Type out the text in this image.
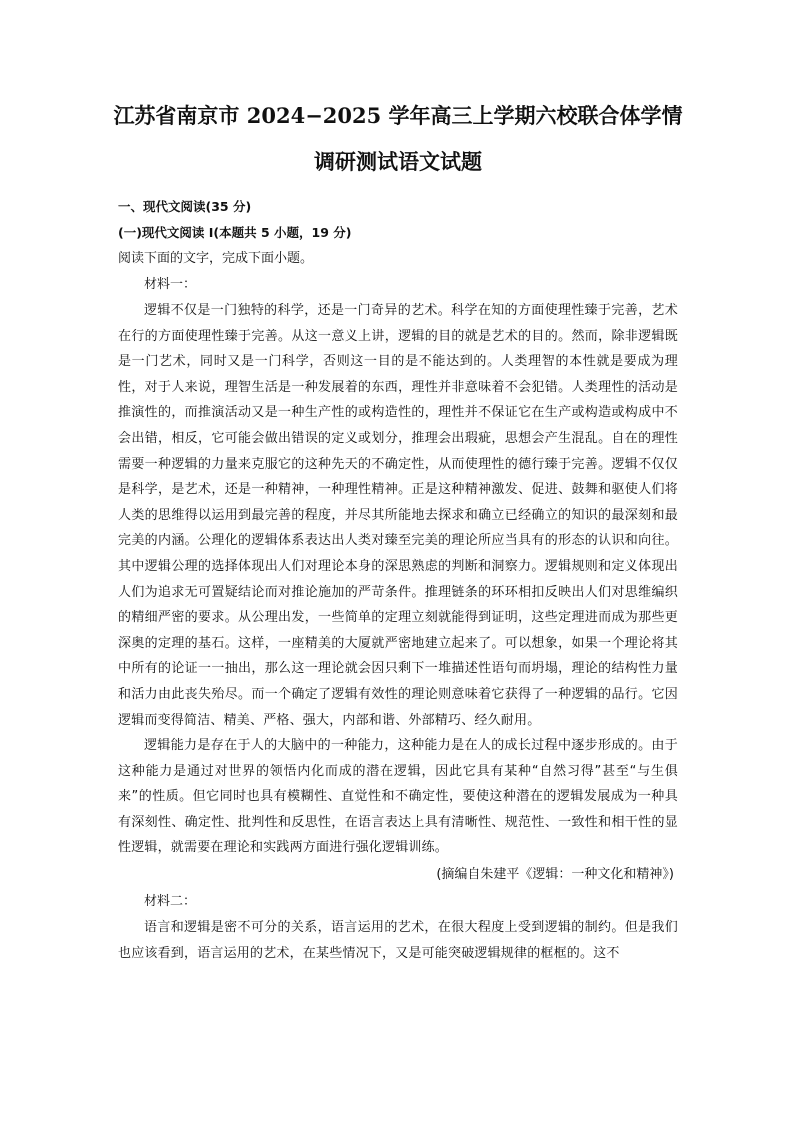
江苏省南京市 2024−2025 学年高三上学期六校联合体学情
调研测试语文试题

一、现代文阅读(35 分)

(一)现代文阅读 I(本题共 5 小题，19 分)

阅读下面的文字，完成下面小题。

材料一：

逻辑不仅是一门独特的科学，还是一门奇异的艺术。科学在知的方面使理性臻于完善，艺术在行的方面使理性臻于完善。从这一意义上讲，逻辑的目的就是艺术的目的。然而，除非逻辑既是一门艺术，同时又是一门科学，否则这一目的是不能达到的。人类理智的本性就是要成为理性，对于人来说，理智生活是一种发展着的东西，理性并非意味着不会犯错。人类理性的活动是推演性的，而推演活动又是一种生产性的或构造性的，理性并不保证它在生产或构造或构成中不会出错，相反，它可能会做出错误的定义或划分，推理会出瑕疵，思想会产生混乱。自在的理性需要一种逻辑的力量来克服它的这种先天的不确定性，从而使理性的德行臻于完善。逻辑不仅仅是科学，是艺术，还是一种精神，一种理性精神。正是这种精神激发、促进、鼓舞和驱使人们将人类的思维得以运用到最完善的程度，并尽其所能地去探求和确立已经确立的知识的最深刻和最完美的内涵。公理化的逻辑体系表达出人类对臻至完美的理论所应当具有的形态的认识和向往。其中逻辑公理的选择体现出人们对理论本身的深思熟虑的判断和洞察力。逻辑规则和定义体现出人们为追求无可置疑结论而对推论施加的严苛条件。推理链条的环环相扣反映出人们对思维编织的精细严密的要求。从公理出发，一些简单的定理立刻就能得到证明，这些定理进而成为那些更深奥的定理的基石。这样，一座精美的大厦就严密地建立起来了。可以想象，如果一个理论将其中所有的论证一一抽出，那么这一理论就会因只剩下一堆描述性语句而坍塌，理论的结构性力量和活力由此丧失殆尽。而一个确定了逻辑有效性的理论则意味着它获得了一种逻辑的品行。它因逻辑而变得简洁、精美、严格、强大，内部和谐、外部精巧、经久耐用。

逻辑能力是存在于人的大脑中的一种能力，这种能力是在人的成长过程中逐步形成的。由于这种能力是通过对世界的领悟内化而成的潜在逻辑，因此它具有某种“自然习得”甚至“与生俱来”的性质。但它同时也具有模糊性、直觉性和不确定性，要使这种潜在的逻辑发展成为一种具有深刻性、确定性、批判性和反思性，在语言表达上具有清晰性、规范性、一致性和相干性的显性逻辑，就需要在理论和实践两方面进行强化逻辑训练。

(摘编自朱建平《逻辑：一种文化和精神》)

材料二：

语言和逻辑是密不可分的关系，语言运用的艺术，在很大程度上受到逻辑的制约。但是我们也应该看到，语言运用的艺术，在某些情况下，又是可能突破逻辑规律的框框的。这不
